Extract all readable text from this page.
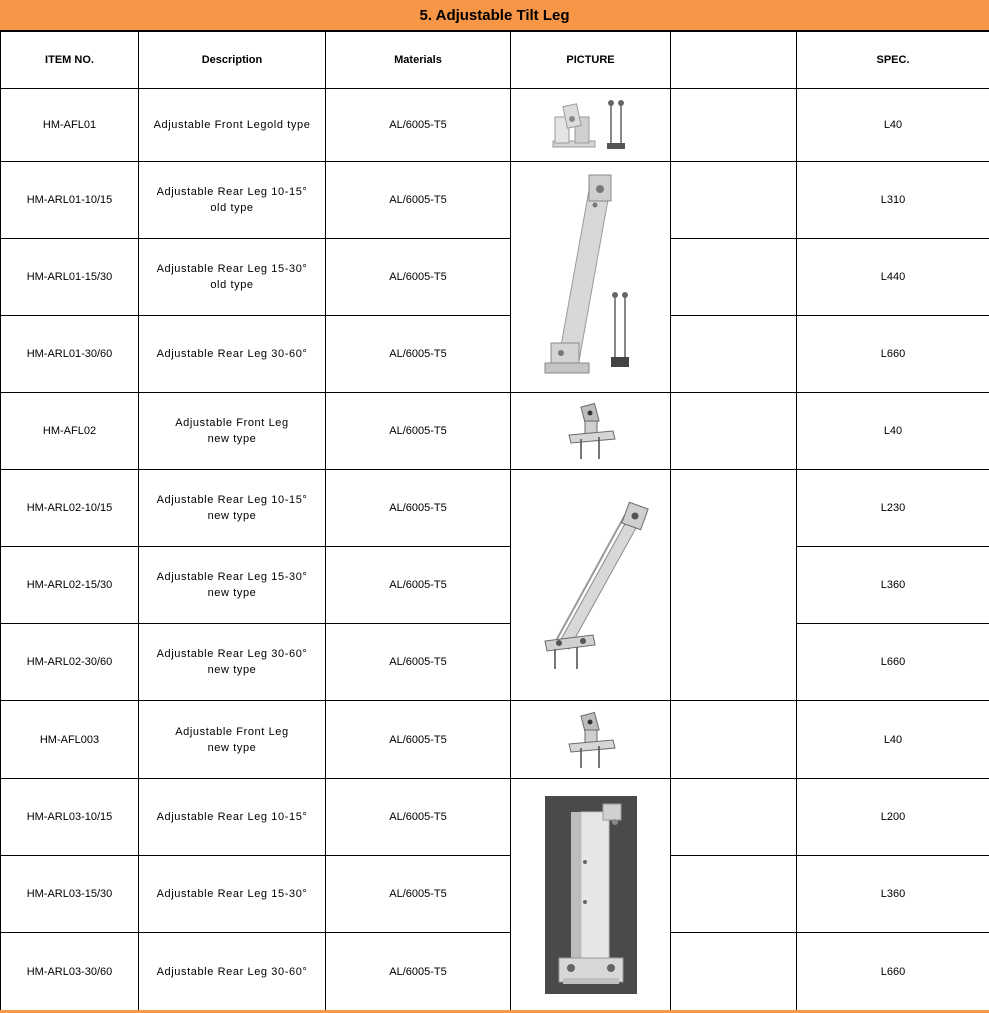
5. Adjustable Tilt Leg
ITEM NO.	Description	Materials	PICTURE		SPEC.
HM-AFL01	Adjustable Front Legold type	AL/6005-T5			L40
HM-ARL01-10/15	Adjustable Rear Leg 10-15°
old type	AL/6005-T5			L310
HM-ARL01-15/30	Adjustable Rear Leg 15-30°
old type	AL/6005-T5			L440
HM-ARL01-30/60	Adjustable Rear Leg 30-60°	AL/6005-T5			L660
HM-AFL02	Adjustable Front Leg
new type	AL/6005-T5			L40
HM-ARL02-10/15	Adjustable Rear Leg 10-15°
new type	AL/6005-T5			L230
HM-ARL02-15/30	Adjustable Rear Leg 15-30°
new type	AL/6005-T5			L360
HM-ARL02-30/60	Adjustable Rear Leg 30-60°
new type	AL/6005-T5			L660
HM-AFL003	Adjustable Front Leg
new type	AL/6005-T5			L40
HM-ARL03-10/15	Adjustable Rear Leg 10-15°	AL/6005-T5			L200
HM-ARL03-15/30	Adjustable Rear Leg 15-30°	AL/6005-T5			L360
HM-ARL03-30/60	Adjustable Rear Leg 30-60°	AL/6005-T5			L660
